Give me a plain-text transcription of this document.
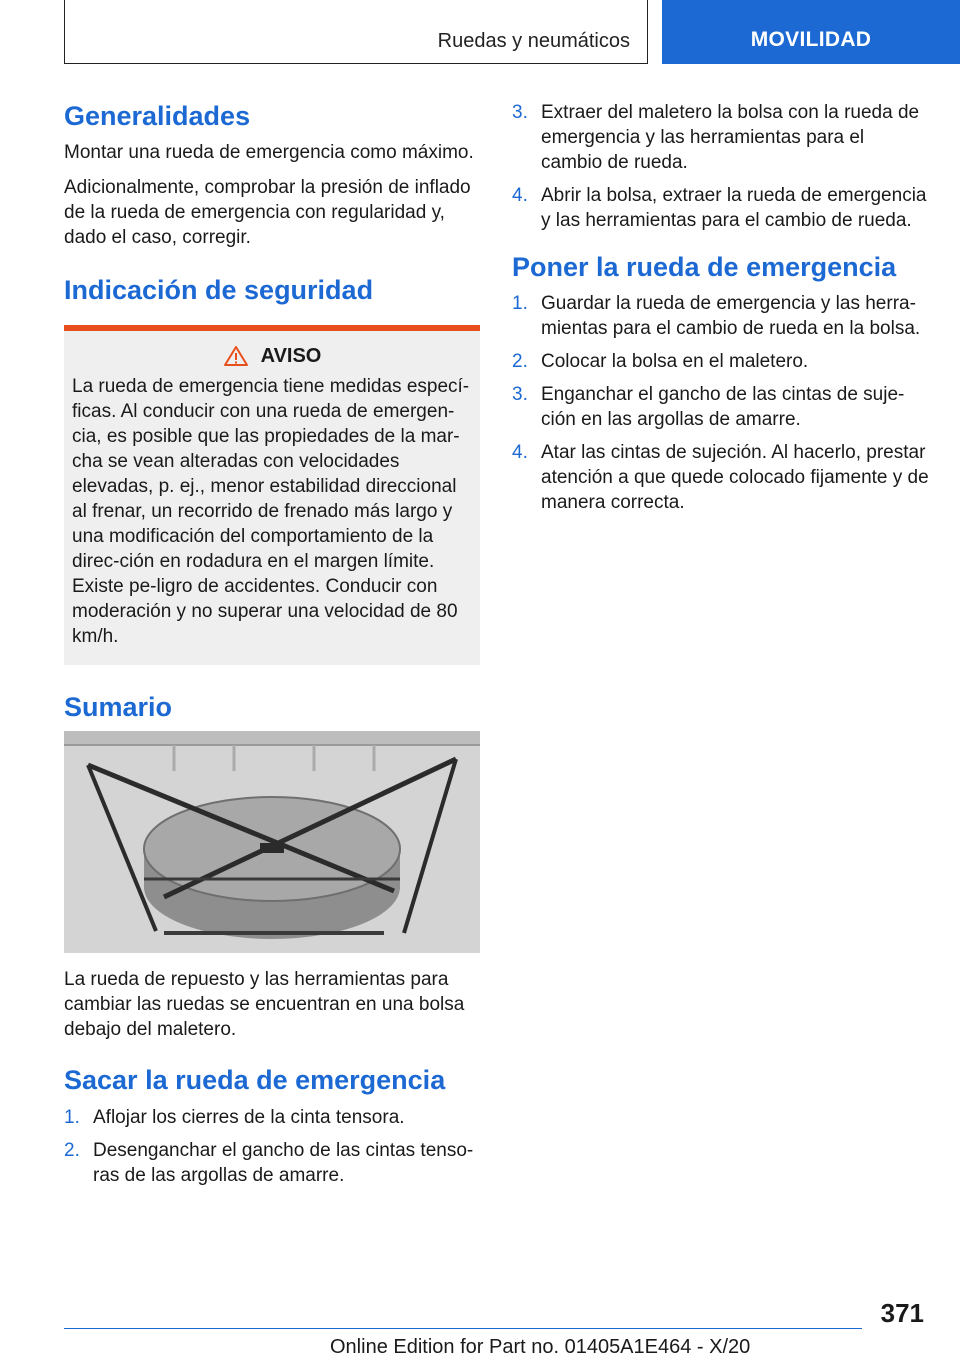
Ruedas y neumáticos	MOVILIDAD
Generalidades

Montar una rueda de emergencia como máximo.

Adicionalmente, comprobar la presión de inflado de la rueda de emergencia con regularidad y, dado el caso, corregir.

Indicación de seguridad
AVISO

La rueda de emergencia tiene medidas especí-ficas. Al conducir con una rueda de emergen-cia, es posible que las propiedades de la mar-cha se vean alteradas con velocidades elevadas, p. ej., menor estabilidad direccional al frenar, un recorrido de frenado más largo y una modificación del comportamiento de la direc-ción en rodadura en el margen límite. Existe pe-ligro de accidentes. Conducir con moderación y no superar una velocidad de 80 km/h.

Sumario

La rueda de repuesto y las herramientas para cambiar las ruedas se encuentran en una bolsa debajo del maletero.

Sacar la rueda de emergencia
1. Aflojar los cierres de la cinta tensora.
2. Desenganchar el gancho de las cintas tenso-ras de las argollas de amarre.
3. Extraer del maletero la bolsa con la rueda de emergencia y las herramientas para el cambio de rueda.
4. Abrir la bolsa, extraer la rueda de emergencia y las herramientas para el cambio de rueda.
Poner la rueda de emergencia
1. Guardar la rueda de emergencia y las herra-mientas para el cambio de rueda en la bolsa.
2. Colocar la bolsa en el maletero.
3. Enganchar el gancho de las cintas de suje-ción en las argollas de amarre.
4. Atar las cintas de sujeción. Al hacerlo, prestar atención a que quede colocado fijamente y de manera correcta.
371
Online Edition for Part no. 01405A1E464 - X/20
